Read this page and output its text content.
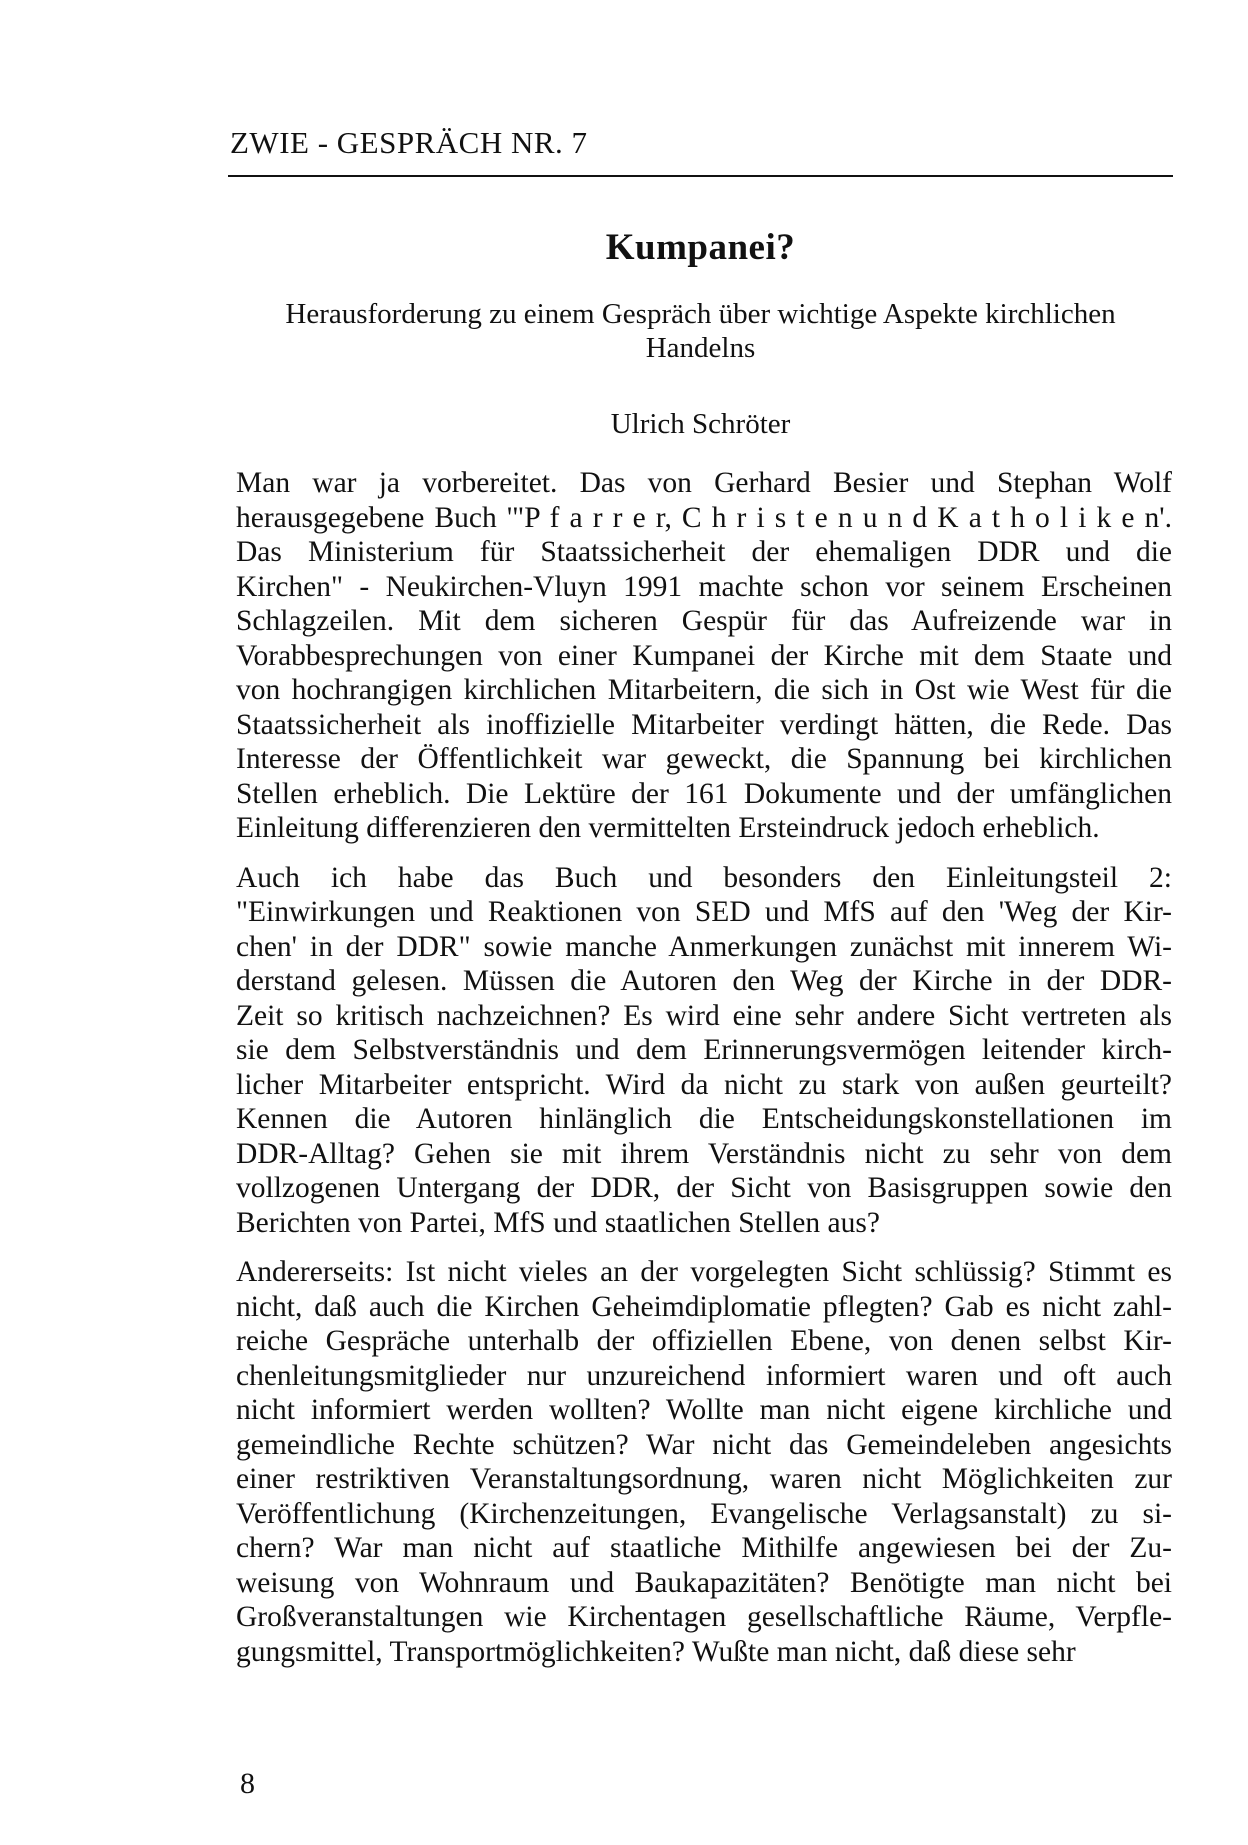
ZWIE - GESPRÄCH NR. 7
Kumpanei?
Herausforderung zu einem Gespräch über wichtige Aspekte kirchlichen
Handelns
Ulrich Schröter
Man war ja vorbereitet. Das von Gerhard Besier und Stephan Wolf
herausgegebene Buch '"P f a r r e r, C h r i s t e n u n d K a t h o l i k e n'.
Das Ministerium für Staatssicherheit der ehemaligen DDR und die
Kirchen" - Neukirchen-Vluyn 1991 machte schon vor seinem Erscheinen
Schlagzeilen. Mit dem sicheren Gespür für das Aufreizende war in
Vorabbesprechungen von einer Kumpanei der Kirche mit dem Staate und
von hochrangigen kirchlichen Mitarbeitern, die sich in Ost wie West für die
Staatssicherheit als inoffizielle Mitarbeiter verdingt hätten, die Rede. Das
Interesse der Öffentlichkeit war geweckt, die Spannung bei kirchlichen
Stellen erheblich. Die Lektüre der 161 Dokumente und der umfänglichen
Einleitung differenzieren den vermittelten Ersteindruck jedoch erheblich.
Auch ich habe das Buch und besonders den Einleitungsteil 2:
"Einwirkungen und Reaktionen von SED und MfS auf den 'Weg der Kir-
chen' in der DDR" sowie manche Anmerkungen zunächst mit innerem Wi-
derstand gelesen. Müssen die Autoren den Weg der Kirche in der DDR-
Zeit so kritisch nachzeichnen? Es wird eine sehr andere Sicht vertreten als
sie dem Selbstverständnis und dem Erinnerungsvermögen leitender kirch-
licher Mitarbeiter entspricht. Wird da nicht zu stark von außen geurteilt?
Kennen die Autoren hinlänglich die Entscheidungskonstellationen im
DDR-Alltag? Gehen sie mit ihrem Verständnis nicht zu sehr von dem
vollzogenen Untergang der DDR, der Sicht von Basisgruppen sowie den
Berichten von Partei, MfS und staatlichen Stellen aus?
Andererseits: Ist nicht vieles an der vorgelegten Sicht schlüssig? Stimmt es
nicht, daß auch die Kirchen Geheimdiplomatie pflegten? Gab es nicht zahl-
reiche Gespräche unterhalb der offiziellen Ebene, von denen selbst Kir-
chenleitungsmitglieder nur unzureichend informiert waren und oft auch
nicht informiert werden wollten? Wollte man nicht eigene kirchliche und
gemeindliche Rechte schützen? War nicht das Gemeindeleben angesichts
einer restriktiven Veranstaltungsordnung, waren nicht Möglichkeiten zur
Veröffentlichung (Kirchenzeitungen, Evangelische Verlagsanstalt) zu si-
chern? War man nicht auf staatliche Mithilfe angewiesen bei der Zu-
weisung von Wohnraum und Baukapazitäten? Benötigte man nicht bei
Großveranstaltungen wie Kirchentagen gesellschaftliche Räume, Verpfle-
gungsmittel, Transportmöglichkeiten? Wußte man nicht, daß diese sehr
8
